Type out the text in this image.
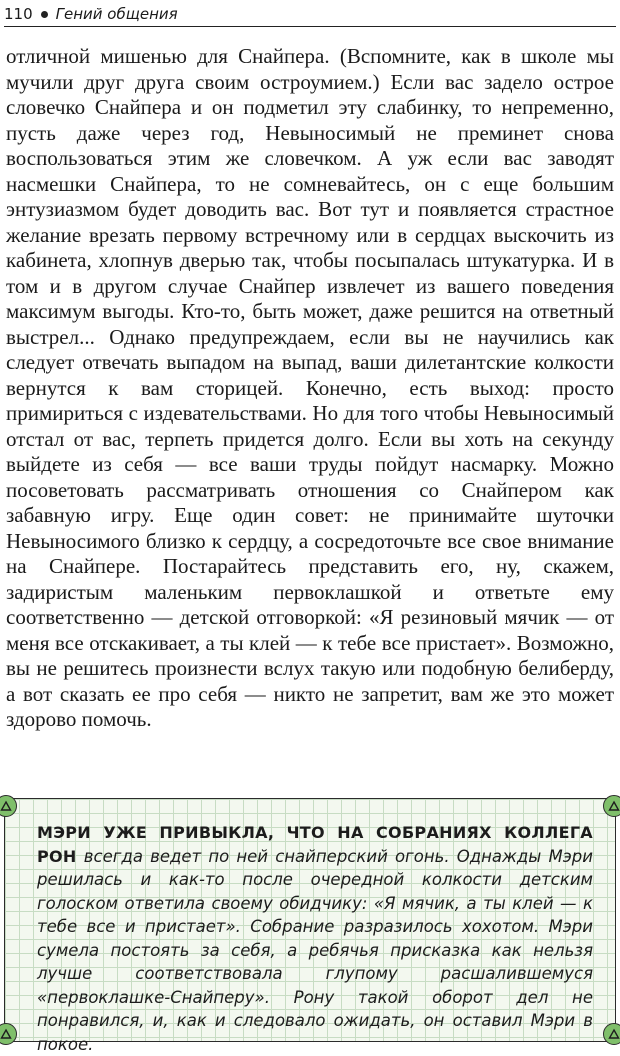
110 Гений общения

отличной мишенью для Снайпера. (Вспомните, как в школе мы мучили друг друга своим остроумием.) Если вас задело острое словечко Снайпера и он подметил эту слабинку, то непременно, пусть даже через год, Невыносимый не преминет снова воспользоваться этим же словечком. А уж если вас заводят насмешки Снайпера, то не сомневайтесь, он с еще большим энтузиазмом будет доводить вас. Вот тут и появляется страстное желание врезать первому встречному или в сердцах выскочить из кабинета, хлопнув дверью так, чтобы посыпалась штукатурка. И в том и в другом случае Снайпер извлечет из вашего поведения максимум выгоды. Кто-то, быть может, даже решится на ответный выстрел... Однако предупреждаем, если вы не научились как следует отвечать выпадом на выпад, ваши дилетантские колкости вернутся к вам сторицей. Конечно, есть выход: просто примириться с издевательствами. Но для того чтобы Невыносимый отстал от вас, терпеть придется долго. Если вы хоть на секунду выйдете из себя — все ваши труды пойдут насмарку. Можно посоветовать рассматривать отношения со Снайпером как забавную игру. Еще один совет: не принимайте шуточки Невыносимого близко к сердцу, а сосредоточьте все свое внимание на Снайпере. Постарайтесь представить его, ну, скажем, задиристым маленьким первоклашкой и ответьте ему соответственно — детской отговоркой: «Я резиновый мячик — от меня все отскакивает, а ты клей — к тебе все пристает». Возможно, вы не решитесь произнести вслух такую или подобную белиберду, а вот сказать ее про себя — никто не запретит, вам же это может здорово помочь.

МЭРИ УЖЕ ПРИВЫКЛА, ЧТО НА СОБРАНИЯХ КОЛЛЕГА РОН всегда ведет по ней снайперский огонь. Однажды Мэри решилась и как-то после очередной колкости детским голоском ответила своему обидчику: «Я мячик, а ты клей — к тебе все и пристает». Собрание разразилось хохотом. Мэри сумела постоять за себя, а ребячья присказка как нельзя лучше соответствовала глупому расшалившемуся «первоклашке-Снайперу». Рону такой оборот дел не понравился, и, как и следовало ожидать, он оставил Мэри в покое.
